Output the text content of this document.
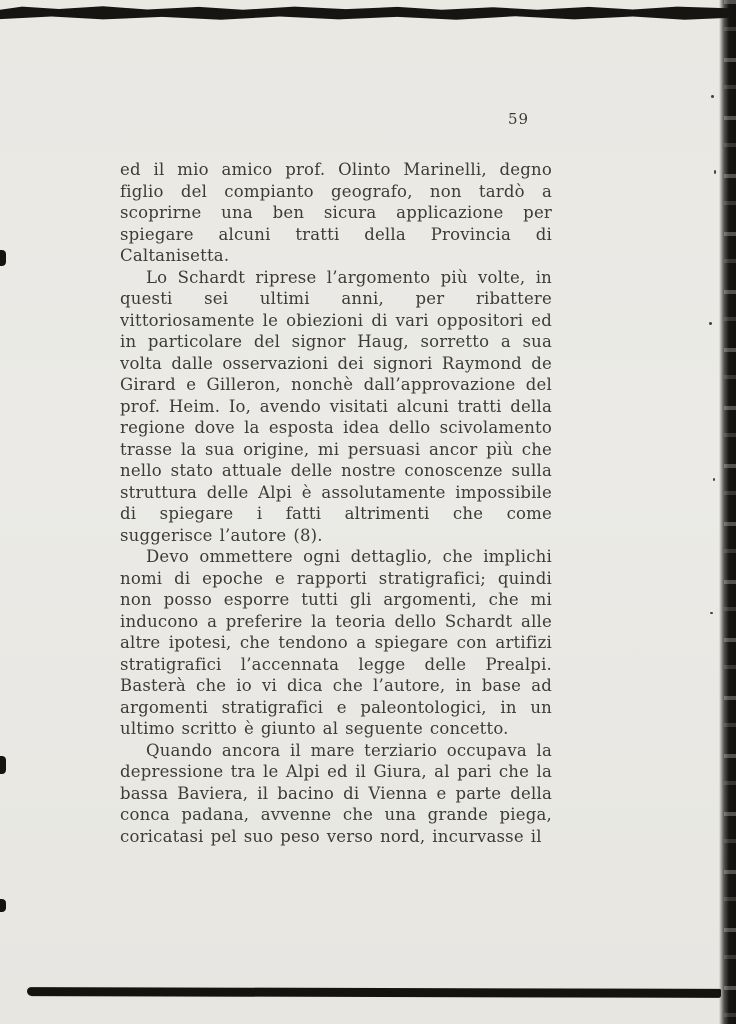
59

ed il mio amico prof. Olinto Marinelli, degno figlio del compianto geografo, non tardò a scoprirne una ben sicura applicazione per spiegare alcuni tratti della Provincia di Caltanisetta.

Lo Schardt riprese l’argomento più volte, in questi sei ultimi anni, per ribattere vittoriosamente le obiezioni di vari oppositori ed in particolare del signor Haug, sorretto a sua volta dalle osservazioni dei signori Raymond de Girard e Gilleron, nonchè dall’approvazione del prof. Heim. Io, avendo visitati alcuni tratti della regione dove la esposta idea dello scivolamento trasse la sua origine, mi persuasi ancor più che nello stato attuale delle nostre conoscenze sulla struttura delle Alpi è assolutamente impossibile di spiegare i fatti altrimenti che come suggerisce l’autore (8).

Devo ommettere ogni dettaglio, che implichi nomi di epoche e rapporti stratigrafici; quindi non posso esporre tutti gli argomenti, che mi inducono a preferire la teoria dello Schardt alle altre ipotesi, che tendono a spiegare con artifizi stratigrafici l’accennata legge delle Prealpi. Basterà che io vi dica che l’autore, in base ad argomenti stratigrafici e paleontologici, in un ultimo scritto è giunto al seguente concetto.

Quando ancora il mare terziario occupava la depressione tra le Alpi ed il Giura, al pari che la bassa Baviera, il bacino di Vienna e parte della conca padana, avvenne che una grande piega, coricatasi pel suo peso verso nord, incurvasse il
